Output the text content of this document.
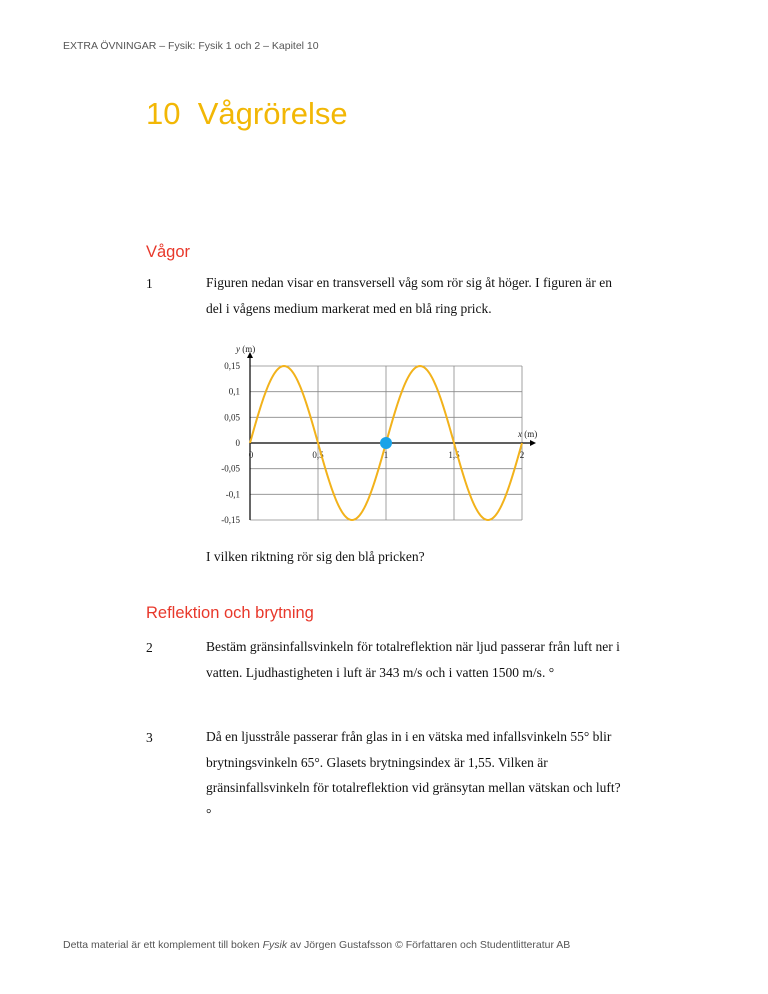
EXTRA ÖVNINGAR – Fysik: Fysik 1 och 2 – Kapitel 10
10 Vågrörelse
Vågor
1	Figuren nedan visar en transversell våg som rör sig åt höger. I figuren är en del i vågens medium markerat med en blå ring prick.
0,15
0,1
0,05
0
-0,05
-0,1
-0,15
0	0,5	1	1,5	2
y (m)
x (m)
I vilken riktning rör sig den blå pricken?
Reflektion och brytning
2	Bestäm gränsinfallsvinkeln för totalreflektion när ljud passerar från luft ner i vatten. Ljudhastigheten i luft är 343 m/s och i vatten 1500 m/s. °
3	Då en ljusstråle passerar från glas in i en vätska med infallsvinkeln 55° blir brytningsvinkeln 65°. Glasets brytningsindex är 1,55. Vilken är gränsinfallsvinkeln för totalreflektion vid gränsytan mellan vätskan och luft?°
Detta material är ett komplement till boken Fysik av Jörgen Gustafsson © Författaren och Studentlitteratur AB
